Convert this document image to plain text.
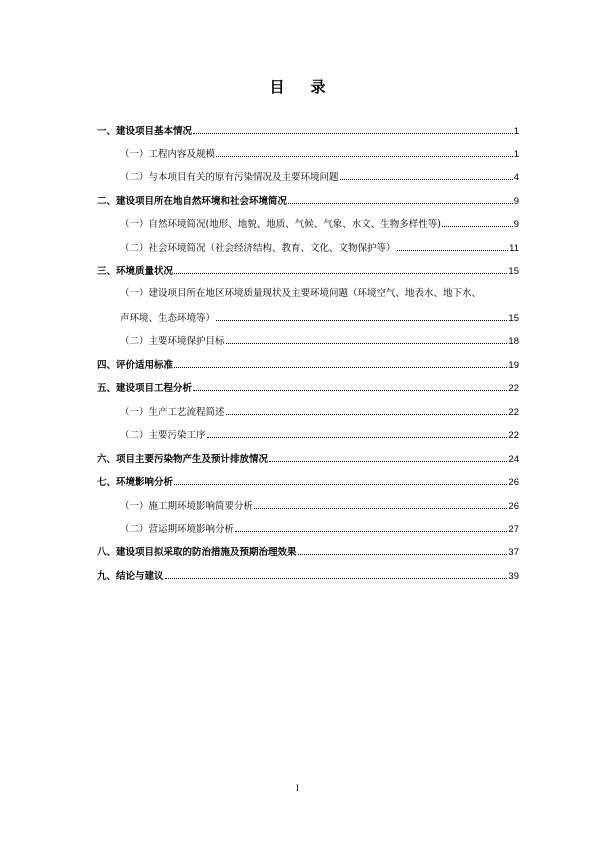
目录
一、建设项目基本情况	1
（一）工程内容及规模	1
（二）与本项目有关的原有污染情况及主要环境问题	4
二、建设项目所在地自然环境和社会环境简况	9
（一）自然环境简况(地形、地貌、地质、气候、气象、水文、生物多样性等)	9
（二）社会环境简况（社会经济结构、教育、文化、文物保护等）	11
三、环境质量状况	15
（一）建设项目所在地区环境质量现状及主要环境问题（环境空气、地表水、地下水、
声环境、生态环境等）	15
（二）主要环境保护目标	18
四、评价适用标准	19
五、建设项目工程分析	22
（一）生产工艺流程简述	22
（二）主要污染工序	22
六、项目主要污染物产生及预计排放情况	24
七、环境影响分析	26
（一）施工期环境影响简要分析	26
（二）营运期环境影响分析	27
八、建设项目拟采取的防治措施及预期治理效果	37
九、结论与建议	39
I
